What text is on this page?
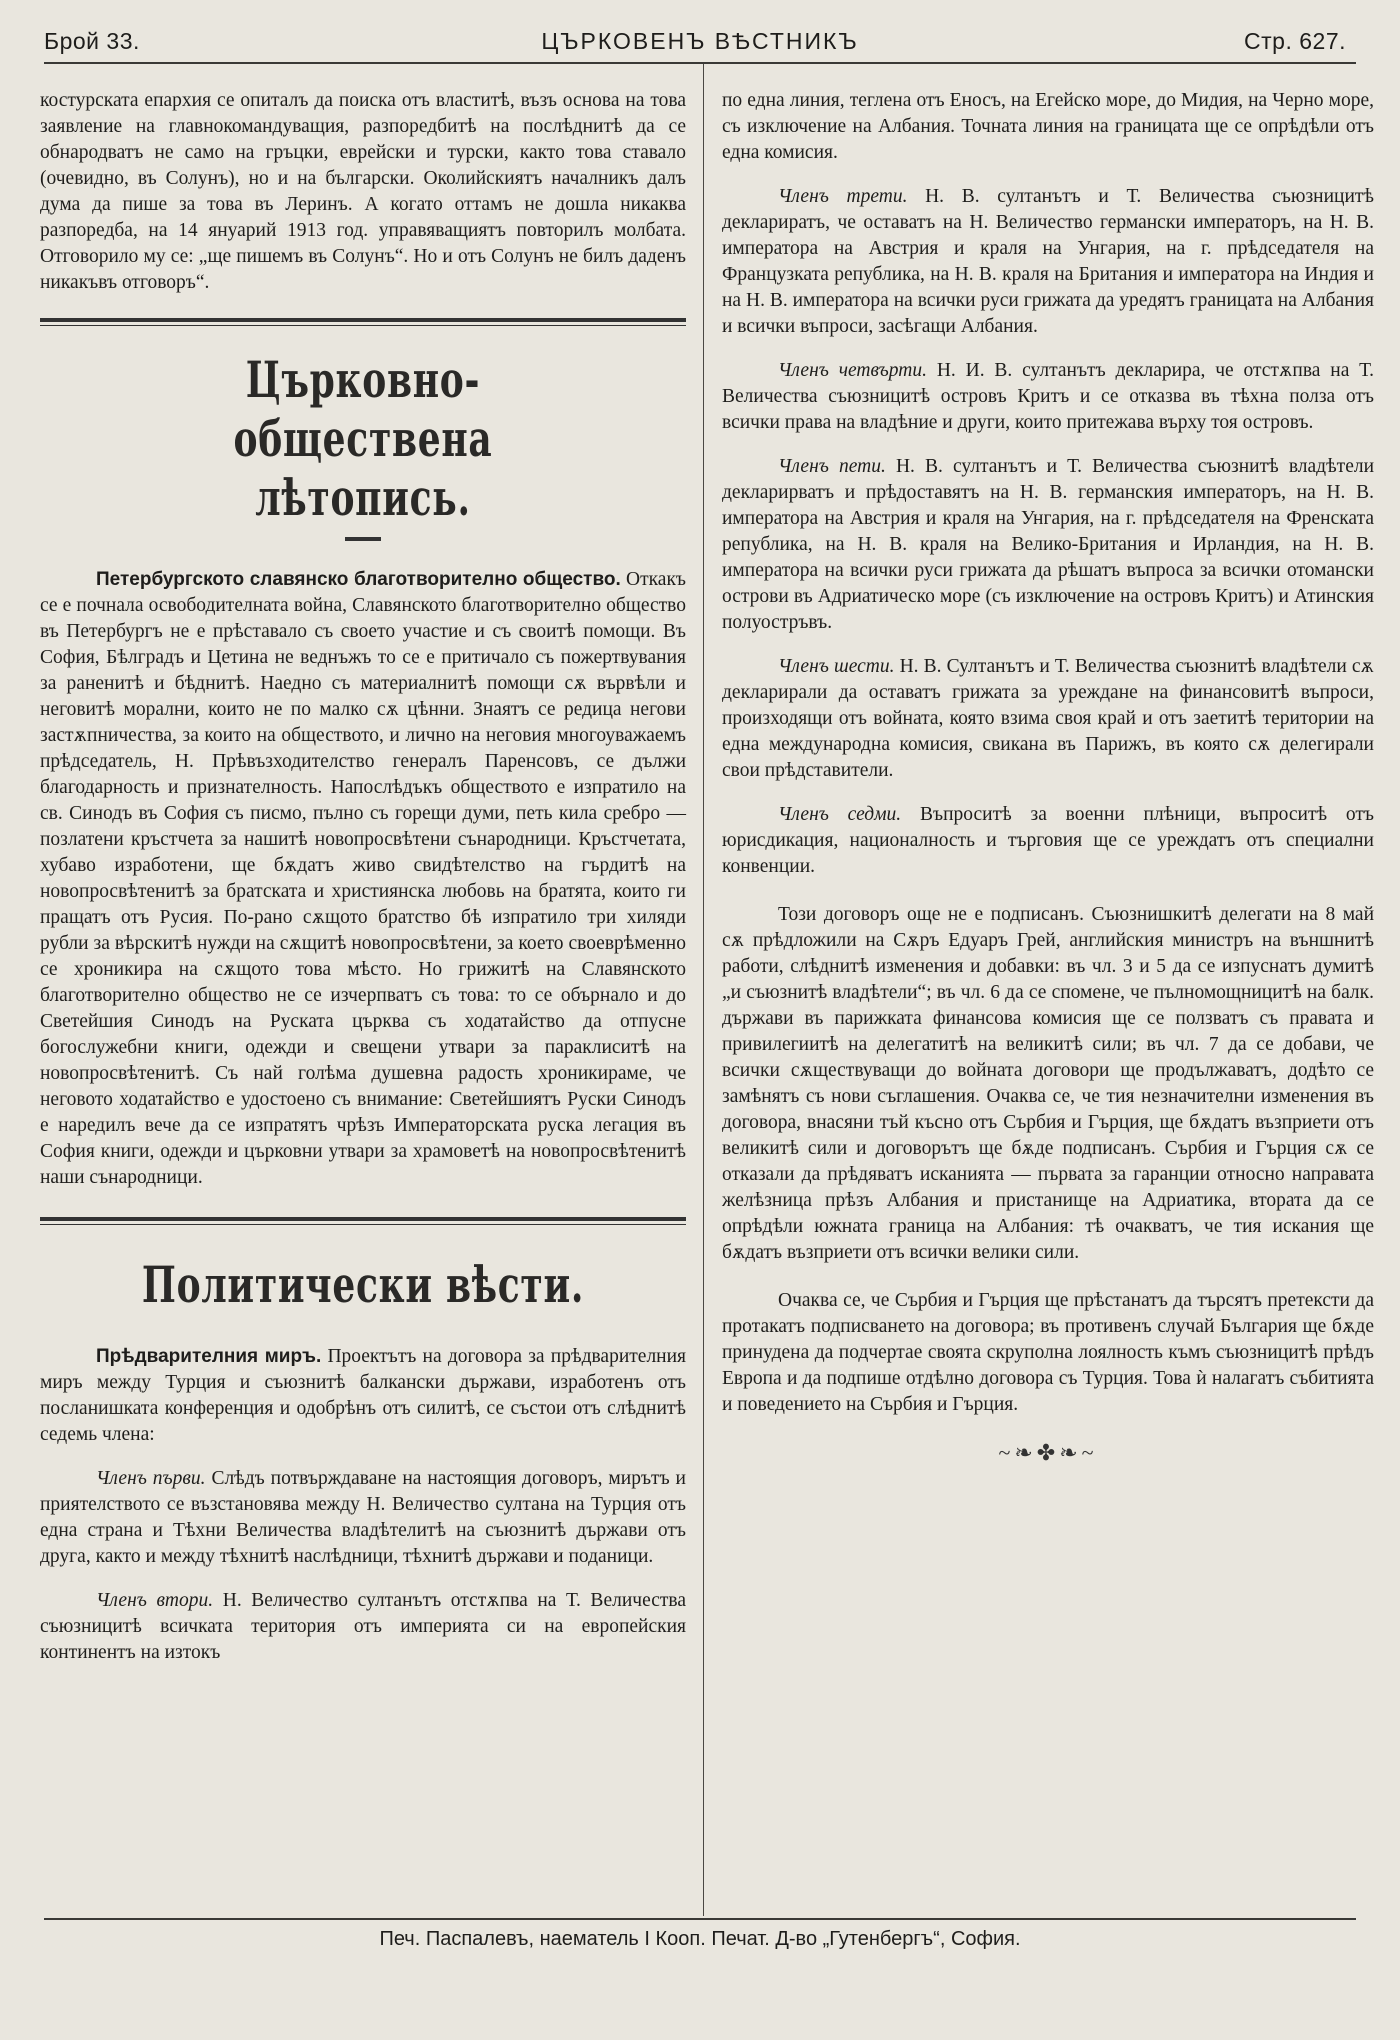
Брой 33.	ЦЪРКОВЕНЪ ВѢСТНИКЪ	Стр. 627.

костурската епархия се опиталъ да поиска отъ властитѣ, възъ основа на това заявление на главнокомандуващия, разпоредбитѣ на послѣднитѣ да се обнародватъ не само на гръцки, еврейски и турски, както това ставало (очевидно, въ Солунъ), но и на български. Околийскиятъ началникъ далъ дума да пише за това въ Леринъ. А когато оттамъ не дошла никаква разпоредба, на 14 януарий 1913 год. управяващиятъ повторилъ молбата. Отговорило му се: „ще пишемъ въ Солунъ“. Но и отъ Солунъ не билъ даденъ никакъвъ отговоръ“.

Църковно-обществена лѣтопись.

Петербургското славянско благотворително общество. Откакъ се е почнала освободителната война, Славянското благотворително общество въ Петербургъ не е прѣставало съ своето участие и съ своитѣ помощи. Въ София, Бѣлградъ и Цетина не веднъжъ то се е притичало съ пожертвувания за раненитѣ и бѣднитѣ. Наедно съ материалнитѣ помощи сѫ вървѣли и неговитѣ морални, които не по малко сѫ цѣнни. Знаятъ се редица негови застѫпничества, за които на обществото, и лично на неговия многоуважаемъ прѣдседатель, Н. Прѣвъзходителство генералъ Паренсовъ, се дължи благодарность и признателность. Напослѣдъкъ обществото е изпратило на св. Синодъ въ София съ писмо, пълно съ горещи думи, петь кила сребро — позлатени кръстчета за нашитѣ новопросвѣтени сънародници. Кръстчетата, хубаво изработени, ще бѫдатъ живо свидѣтелство на гърдитѣ на новопросвѣтенитѣ за братската и християнска любовь на братята, които ги пращатъ отъ Русия. По-рано сѫщото братство бѣ изпратило три хиляди рубли за вѣрскитѣ нужди на сѫщитѣ новопросвѣтени, за което своеврѣменно се хроникира на сѫщото това мѣсто. Но грижитѣ на Славянското благотворително общество не се изчерпватъ съ това: то се обърнало и до Светейшия Синодъ на Руската църква съ ходатайство да отпусне богослужебни книги, одежди и свещени утвари за параклиситѣ на новопросвѣтенитѣ. Съ най голѣма душевна радость хроникираме, че неговото ходатайство е удостоено съ внимание: Светейшиятъ Руски Синодъ е наредилъ вече да се изпратятъ чрѣзъ Императорската руска легация въ София книги, одежди и църковни утвари за храмоветѣ на новопросвѣтенитѣ наши сънародници.

Политически вѣсти.

Прѣдварителния миръ. Проектътъ на договора за прѣдварителния миръ между Турция и съюзнитѣ балкански държави, изработенъ отъ посланишката конференция и одобрѣнъ отъ силитѣ, се състои отъ слѣднитѣ седемь члена:

Членъ първи. Слѣдъ потвърждаване на настоящия договоръ, мирътъ и приятелството се възстановява между Н. Величество султана на Турция отъ една страна и Тѣхни Величества владѣтелитѣ на съюзнитѣ държави отъ друга, както и между тѣхнитѣ наслѣдници, тѣхнитѣ държави и поданици.

Членъ втори. Н. Величество султанътъ отстѫпва на Т. Величества съюзницитѣ всичката територия отъ империята си на европейския континентъ на изтокъ

по една линия, теглена отъ Еносъ, на Егейско море, до Мидия, на Черно море, съ изключение на Албания. Точната линия на границата ще се опрѣдѣли отъ една комисия.

Членъ трети. Н. В. султанътъ и Т. Величества съюзницитѣ деклариратъ, че оставатъ на Н. Величество германски императоръ, на Н. В. императора на Австрия и краля на Унгария, на г. прѣдседателя на Французката република, на Н. В. краля на Британия и императора на Индия и на Н. В. императора на всички руси грижата да уредятъ границата на Албания и всички въпроси, засѣгащи Албания.

Членъ четвърти. Н. И. В. султанътъ декларира, че отстѫпва на Т. Величества съюзницитѣ островъ Критъ и се отказва въ тѣхна полза отъ всички права на владѣние и други, които притежава върху тоя островъ.

Членъ пети. Н. В. султанътъ и Т. Величества съюзнитѣ владѣтели декларирватъ и прѣдоставятъ на Н. В. германския императоръ, на Н. В. императора на Австрия и краля на Унгария, на г. прѣдседателя на Френската република, на Н. В. краля на Велико-Британия и Ирландия, на Н. В. императора на всички руси грижата да рѣшатъ въпроса за всички отомански острови въ Адриатическо море (съ изключение на островъ Критъ) и Атинския полуостръвъ.

Членъ шести. Н. В. Султанътъ и Т. Величества съюзнитѣ владѣтели сѫ декларирали да оставатъ грижата за уреждане на финансовитѣ въпроси, произходящи отъ войната, която взима своя край и отъ заетитѣ територии на една международна комисия, свикана въ Парижъ, въ която сѫ делегирали свои прѣдставители.

Членъ седми. Въпроситѣ за военни плѣници, въпроситѣ отъ юрисдикация, националность и търговия ще се уреждатъ отъ специални конвенции.

Този договоръ още не е подписанъ. Съюзнишкитѣ делегати на 8 май сѫ прѣдложили на Сѫръ Едуаръ Грей, английския министръ на външнитѣ работи, слѣднитѣ изменения и добавки: въ чл. 3 и 5 да се изпуснатъ думитѣ „и съюзнитѣ владѣтели“; въ чл. 6 да се спомене, че пълномощницитѣ на балк. държави въ парижката финансова комисия ще се ползватъ съ правата и привилегиитѣ на делегатитѣ на великитѣ сили; въ чл. 7 да се добави, че всички сѫществуващи до войната договори ще продължаватъ, додѣто се замѣнятъ съ нови съглашения. Очаква се, че тия незначителни изменения въ договора, внасяни тъй късно отъ Сърбия и Гърция, ще бѫдатъ възприети отъ великитѣ сили и договорътъ ще бѫде подписанъ. Сърбия и Гърция сѫ се отказали да прѣдяватъ исканията — първата за гаранции относно направата желѣзница прѣзъ Албания и пристанище на Адриатика, втората да се опрѣдѣли южната граница на Албания: тѣ очакватъ, че тия искания ще бѫдатъ възприети отъ всички велики сили.

Очаква се, че Сърбия и Гърция ще прѣстанатъ да търсятъ претексти да протакатъ подписването на договора; въ противенъ случай България ще бѫде принудена да подчертае своята скруполна лоялность къмъ съюзницитѣ прѣдъ Европа и да подпише отдѣлно договора съ Турция. Това ѝ налагатъ събитията и поведението на Сърбия и Гърция.

~❧✤❧~
Печ. Паспалевъ, наематель I Кооп. Печат. Д-во „Гутенбергъ“, София.
